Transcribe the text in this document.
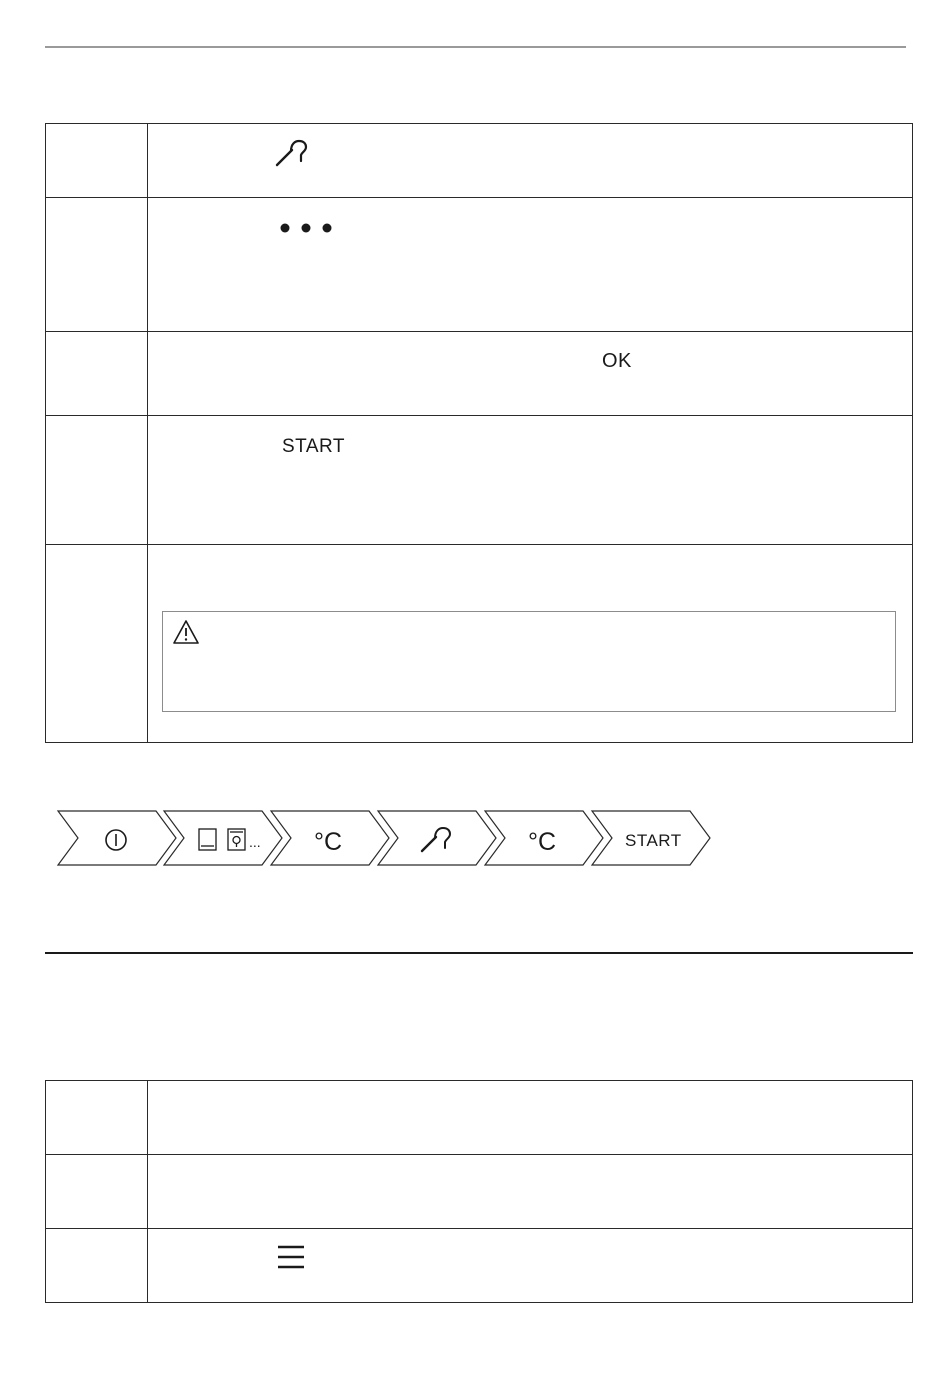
	OK

	START

... °C	°C	START
